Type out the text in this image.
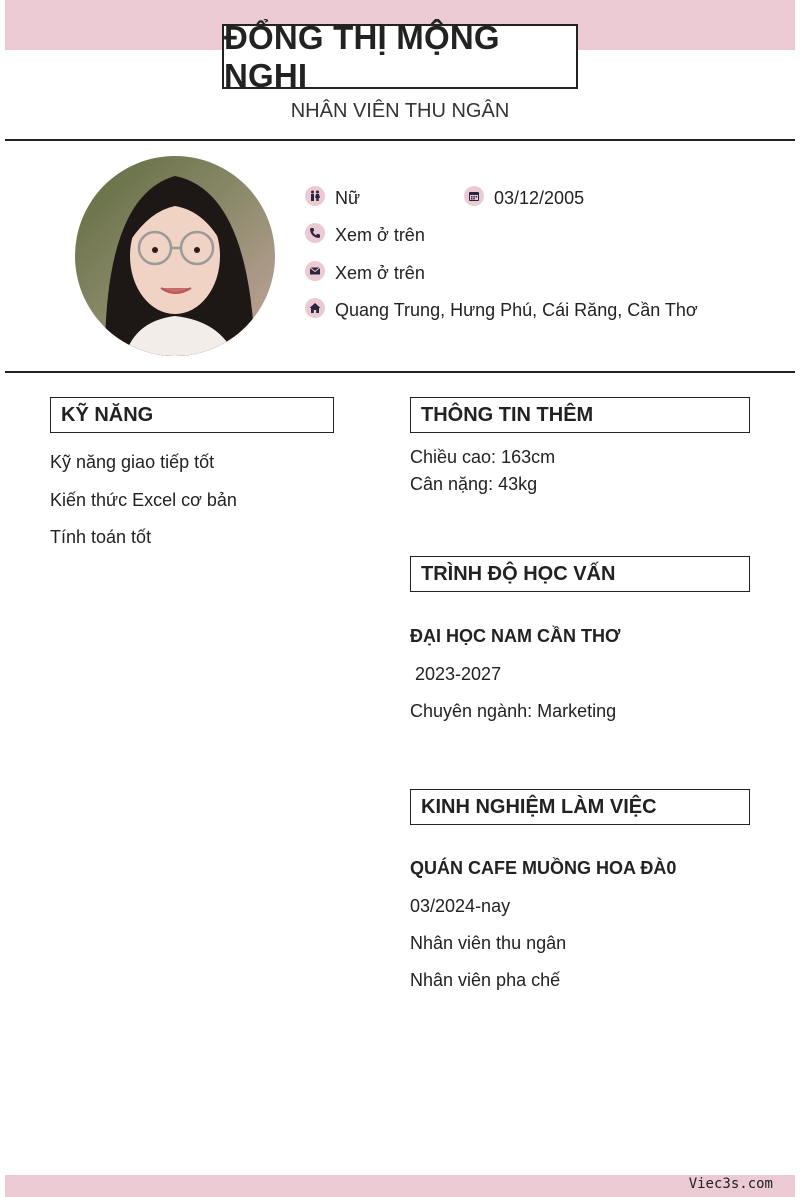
ĐỔNG THỊ MỘNG NGHI
NHÂN VIÊN THU NGÂN
Nữ	03/12/2005
Xem ở trên
Xem ở trên
Quang Trung, Hưng Phú, Cái Răng, Cần Thơ
KỸ NĂNG
Kỹ năng giao tiếp tốt
Kiến thức Excel cơ bản
Tính toán tốt
THÔNG TIN THÊM
Chiều cao: 163cm
Cân nặng: 43kg
TRÌNH ĐỘ HỌC VẤN
ĐẠI HỌC NAM CẦN THƠ
2023-2027
Chuyên ngành: Marketing
KINH NGHIỆM LÀM VIỆC
QUÁN CAFE MUỒNG HOA ĐÀ0
03/2024-nay
Nhân viên thu ngân
Nhân viên pha chế
Viec3s.com
